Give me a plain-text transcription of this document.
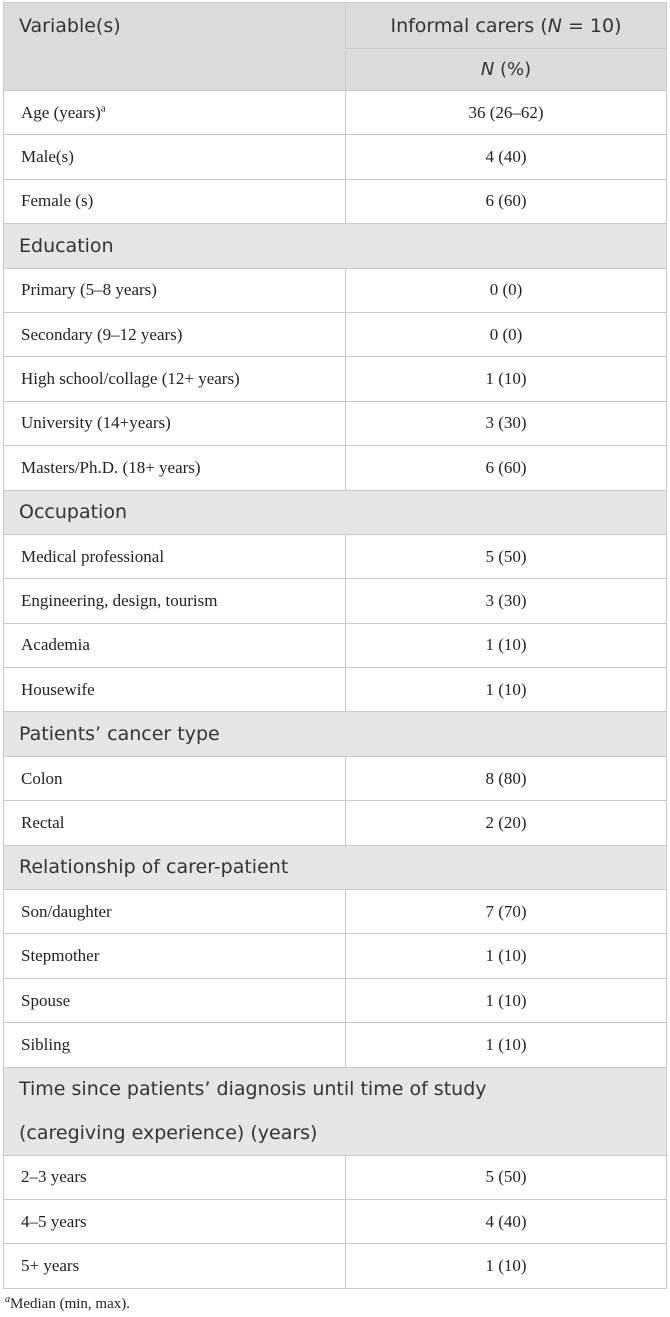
Variable(s)	Informal carers (N = 10)
	N (%)
Age (years)$^a$	36 (26–62)
Male(s)	4 (40)
Female (s)	6 (60)
Education	
Primary (5–8 years)	0 (0)
Secondary (9–12 years)	0 (0)
High school/collage (12+ years)	1 (10)
University (14+years)	3 (30)
Masters/Ph.D. (18+ years)	6 (60)
Occupation	
Medical professional	5 (50)
Engineering, design, tourism	3 (30)
Academia	1 (10)
Housewife	1 (10)
Patients’ cancer type	
Colon	8 (80)
Rectal	2 (20)
Relationship of carer-patient	
Son/daughter	7 (70)
Stepmother	1 (10)
Spouse	1 (10)
Sibling	1 (10)
Time since patients’ diagnosis until time of study	
(caregiving experience) (years)	
2–3 years	5 (50)
4–5 years	4 (40)
5+ years	1 (10)
$^a$Median (min, max).
